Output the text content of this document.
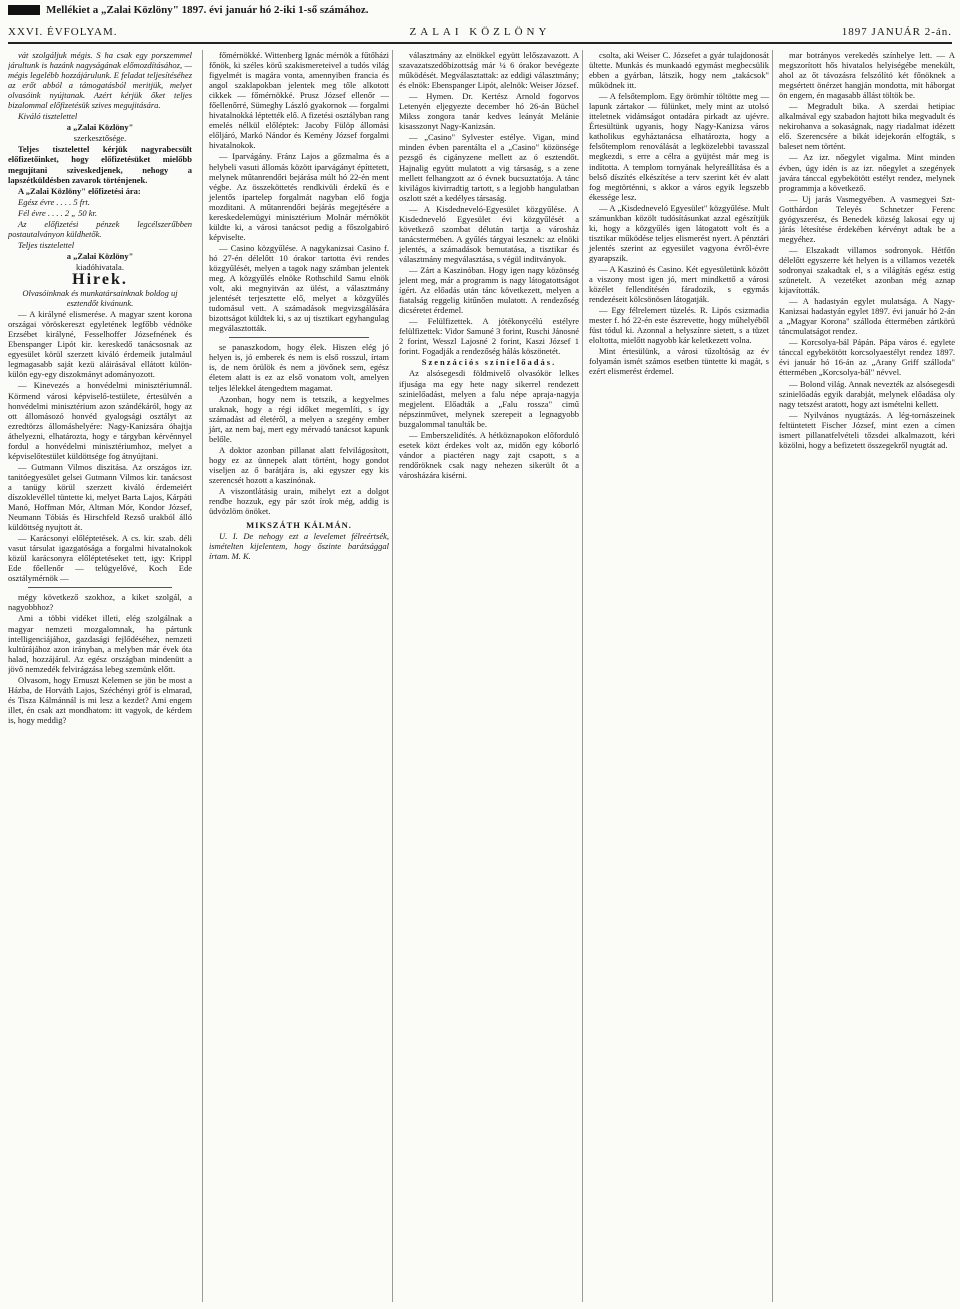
Mellékiet a „Zalai Közlöny" 1897. évi január hó 2-iki 1-ső számához.
XXVI. ÉVFOLYAM.	ZALAI KÖZLÖNY	1897 JANUÁR 2-án.

vát szolgáljuk mégis. S ha csak egy porszemmel járultunk is hazánk nagyságának előmozdításához, — mégis legelébb hozzájárulunk. E feladat teljesítéséhez az erőt abból a támogatásból meritjük, melyet olvasóink nyújtanak. Azért kérjük őket teljes bizalommal előfizetésük szives megujitására.

Kiváló tisztelettel

a „Zalai Közlöny"

szerkesztősége.

Teljes tisztelettel kérjük nagyrabecsült előfizetőinket, hogy előfizetésüket mielőbb megujítani sziveskedjenek, nehogy a lapszétküldésben zavarok történjenek.

A „Zalai Közlöny" előfizetési ára:

Egész évre . . . . 5 frt.

Fél évre . . . . 2 „ 50 kr.

Az előfizetési pénzek legcélszerűbben postautalványon küldhetők.

Teljes tisztelettel

a „Zalai Közlöny"

kiadóhivatala.

Hirek.

Olvasóinknak és munkatársainknak boldog uj esztendőt kivánunk.

— A királyné elismerése. A magyar szent korona országai vöröskereszt egyletének legfőbb védnöke Erzsébet királyné, Fesselhoffer Józsefnének és Ebenspanger Lipót kir. kereskedő tanácsosnak az egyesület körül szerzett kiváló érdemeik jutalmául legmagasabb saját kezü aláirásával ellátott külön-külön egy-egy diszokmányt adományozott.

— Kinevezés a honvédelmi minisztériumnál. Körmend városi képviselő-testülete, értesülvén a honvédelmi minisztérium azon szándékáról, hogy az ott állomásozó honvéd gyalogsági osztályt az ezredtörzs állomáshelyére: Nagy-Kanizsára óhajtja áthelyezni, elhatározta, hogy e tárgyban kérvénnyel fordul a honvédelmi minisztériumhoz, melyet a képviselőtestület küldöttsége fog átnyújtani.

— Gutmann Vilmos diszitása. Az országos izr. tanitóegyesület gelsei Gutmann Vilmos kir. tanácsost a tanügy körül szerzett kiváló érdemeiért díszoklevéllel tüntette ki, melyet Barta Lajos, Kárpáti Manó, Hoffman Mór, Altman Mór, Kondor József, Neumann Tóbiás és Hirschfeld Rezső urakból álló küldöttség nyujtott át.

— Karácsonyi előléptetések. A cs. kir. szab. déli vasut társulat igazgatósága a forgalmi hivatalnokok közül karácsonyra előléptetéseket tett, igy: Krippl Ede főellenőr — telügyelővé, Koch Ede osztálymérnök —

mégy következő szokhoz, a kiket szolgál, a nagyobbhoz?

Ami a többi vidéket illeti, elég szolgálnak a magyar nemzeti mozgalomnak, ha pártunk intelligenciájához, gazdasági fejlődéséhez, nemzeti kultúrájához azon irányban, a melyben már évek óta halad, hozzájárul. Az egész országban mindenütt a jövő nemzedék felvirágzása lebeg szemünk előtt.

Olvasom, hogy Ernuszt Kelemen se jön be most a Házba, de Horváth Lajos, Széchényi gróf is elmarad, és Tisza Kálmánnál is mi lesz a kezdet? Ami engem illet, én csak azt mondhatom: itt vagyok, de kérdem is, hogy meddig?

főmérnökké. Wittenberg Ignác mérnök a fűtőházi főnök, ki széles körű szakismereteivel a tudós világ figyelmét is magára vonta, amennyiben francia és angol szaklapokban jelentek meg tőle alkotott cikkek — főmérnökké. Prusz József ellenőr — főellenőrré, Sümeghy László gyakornok — forgalmi hivatalnokká léptették elő. A fizetési osztályban rang emelés nélkül előléptek: Jacoby Fülöp állomási előljáró, Markó Nándor és Kemény József forgalmi hivatalnokok.

— Iparvágány. Fránz Lajos a gőzmalma és a helybeli vasuti állomás között iparvágányt építtetett, melynek műtanrendőri bejárása múlt hó 22-én ment végbe. Az összeköttetés rendkivüli érdekű és e jelentős ipartelep forgalmát nagyban elő fogja mozditani. A műtanrendőri bejárás megejtésére a kereskedelemügyi minisztérium Molnár mérnököt küldte ki, a városi tanácsot pedig a főszolgabiró képviselte.

— Casino közgyűlése. A nagykanizsai Casino f. hó 27-én délelőtt 10 órakor tartotta évi rendes közgyűlését, melyen a tagok nagy számban jelentek meg. A közgyűlés elnöke Rothschild Samu elnök volt, aki megnyitván az ülést, a választmány jelentését terjesztette elő, melyet a közgyűlés tudomásul vett. A számadások megvizsgálására bizottságot küldtek ki, s az uj tisztikart egyhangulag megválasztották.

se panaszkodom, hogy élek. Hiszen elég jó helyen is, jó emberek és nem is első rosszul, írtam is, de nem örülök és nem a jövőnek sem, egész életem alatt is ez az első vonatom volt, amelyen teljes lélekkel átengedtem magamat.

Azonban, hogy nem is tetszik, a kegyelmes uraknak, hogy a régi időket megemlíti, s így számadást ad életéről, a melyen a szegény ember járt, az nem baj, mert egy mérvadó tanácsot kapunk belőle.

A doktor azonban pillanat alatt felvilágosított, hogy ez az ünnepek alatt történt, hogy gondot viseljen az ő barátjára is, aki egyszer egy kis szerencsét hozott a kaszinónak.

A viszontlátásig urain, mihelyt ezt a dolgot rendbe hozzuk, egy pár szót írok még, addig is üdvözlöm önöket.

MIKSZÁTH KÁLMÁN.

U. I. De nehogy ezt a levelemet félreértsék, ismételten kijelentem, hogy őszinte barátsággal írtam. M. K.

választmány az elnökkel együtt lelőszavazott. A szavazatszedőbizottság már ¼ 6 órakor bevégezte működését. Megválasztattak: az eddigi választmány; és elnök: Ebenspanger Lipót, alelnök: Weiser József.

— Hymen. Dr. Kertész Arnold fogorvos Letenyén eljegyezte december hó 26-án Büchel Mikss zongora tanár kedves leányát Melánie kisasszonyt Nagy-Kanizsán.

— „Casino" Sylvester estélye. Vigan, mind minden évben parentálta el a „Casino" közönsége pezsgő és cigányzene mellett az ó esztendőt. Hajnalig együtt mulatott a vig társaság, s a zene mellett felhangzott az ó évnek bucsuztatója. A tánc kivilágos kivirradtig tartott, s a legjobb hangulatban oszlott szét a kedélyes társaság.

— A Kisdedneveló-Egyesület közgyűlése. A Kisdedneveló Egyesület évi közgyűlését a következő szombat délután tartja a városház tanácstermében. A gyűlés tárgyai lesznek: az elnöki jelentés, a számadások bemutatása, a tisztikar és választmány megválasztása, s végül inditványok.

— Zárt a Kaszinóban. Hogy igen nagy közönség jelent meg, már a programm is nagy látogatottságot ígért. Az előadás után tánc következett, melyen a fiatalság reggelig kitűnően mulatott. A rendezőség dicséretet érdemel.

— Felülfizettek. A jótékonycélú estélyre felülfizettek: Vidor Samuné 3 forint, Ruschi Jánosné 2 forint, Wesszl Lajosné 2 forint, Kaszi József 1 forint. Fogadják a rendezőség hálás köszönetét.

Szenzációs színielőadás.

Az alsósegesdi földmivelő olvasókör lelkes ifjusága ma egy hete nagy sikerrel rendezett szinielőadást, melyen a falu népe apraja-nagyja megjelent. Előadták a „Falu rossza" cimű népszinművet, melynek szerepeit a legnagyobb buzgalommal tanulták be.

— Emberszelidítés. A hétköznapokon előforduló esetek közt érdekes volt az, midőn egy kóborló vándor a piactéren nagy zajt csapott, s a rendőröknek csak nagy nehezen sikerült őt a városházára kisérni.

csolta, aki Weiser C. Józsefet a gyár tulajdonosát ültette. Munkás és munkaadó egymást megbecsülik ebben a gyárban, látszik, hogy nem „takácsok" működnek itt.

— A felsőtemplom. Egy örömhír töltötte meg — lapunk zártakor — fülünket, mely mint az utolsó itteletnek vidámságot ontadára pirkadt az ujévre. Értesültünk ugyanis, hogy Nagy-Kanizsa város katholikus egyháztanácsa elhatározta, hogy a felsőtemplom renoválását a legközelebbi tavasszal megkezdi, s erre a célra a gyüjtést már meg is indította. A templom tornyának helyreállítása és a belső díszítés elkészítése a terv szerint két év alatt fog megtörténni, s akkor a város egyik legszebb ékessége lesz.

— A „Kisdedneveló Egyesület" közgyűlése. Mult számunkban közölt tudósításunkat azzal egészítjük ki, hogy a közgyűlés igen látogatott volt és a tisztikar működése teljes elismerést nyert. A pénztári jelentés szerint az egyesület vagyona évről-évre gyarapszik.

— A Kaszinó és Casino. Két egyesületünk között a viszony most igen jó, mert mindkettő a városi közélet fellendítésén fáradozik, s egymás rendezéseit kölcsönösen látogatják.

— Egy félrelemert tüzelés. R. Lipós csizmadia mester f. hó 22-én este észrevette, hogy műhelyéből füst tódul ki. Azonnal a helyszínre sietett, s a tüzet eloltotta, mielőtt nagyobb kár keletkezett volna.

Mint értesülünk, a városi tűzoltóság az év folyamán ismét számos esetben tüntette ki magát, s ezért elismerést érdemel.

mar botrányos verekedés színhelye lett. — A megszorított hős hivatalos helyiségébe menekült, ahol az őt távozásra felszólító két főnöknek a megsértett önérzet hangján mondotta, mit háborgat ön engem, én magasabb állást töltök be.

— Megradult bika. A szerdai hetipiac alkalmával egy szabadon hajtott bika megvadult és nekirohanva a sokaságnak, nagy riadalmat idézett elő. Szerencsére a bikát idejekorán elfogták, s baleset nem történt.

— Az izr. nőegylet vigalma. Mint minden évben, úgy idén is az izr. nőegylet a szegények javára tánccal egybekötött estélyt rendez, melynek programmja a következő.

— Uj jarás Vasmegyében. A vasmegyei Szt-Gotthárdon Teleyés Schnetzer Ferenc gyógyszerész, és Benedek község lakosai egy uj járás létesítése érdekében kérvényt adtak be a megyéhez.

— Elszakadt villamos sodronyok. Hétfőn délelőtt egyszerre két helyen is a villamos vezeték sodronyai szakadtak el, s a világítás egész estig szünetelt. A vezetéket azonban még aznap kijavították.

— A hadastyán egylet mulatsága. A Nagy-Kanizsai hadastyán egylet 1897. évi január hó 2-án a „Magyar Korona" szálloda éttermében zártkörü táncmulatságot rendez.

— Korcsolya-bál Pápán. Pápa város é. egylete tánccal egybekötött korcsolyaestélyt rendez 1897. évi január hó 16-án az „Arany Griff szálloda" éttermében „Korcsolya-bál" névvel.

— Bolond világ. Annak nevezték az alsósegesdi szinielőadás egyik darabját, melynek előadása oly nagy tetszést aratott, hogy azt ismételni kellett.

— Nyilvános nyugtázás. A lég-tornászeinek feltüntetett Fischer József, mint ezen a címen ismert pillanatfelvételi tőzsdei alkalmazott, kéri közölni, hogy a befizetett összegekről nyugtát ad.
